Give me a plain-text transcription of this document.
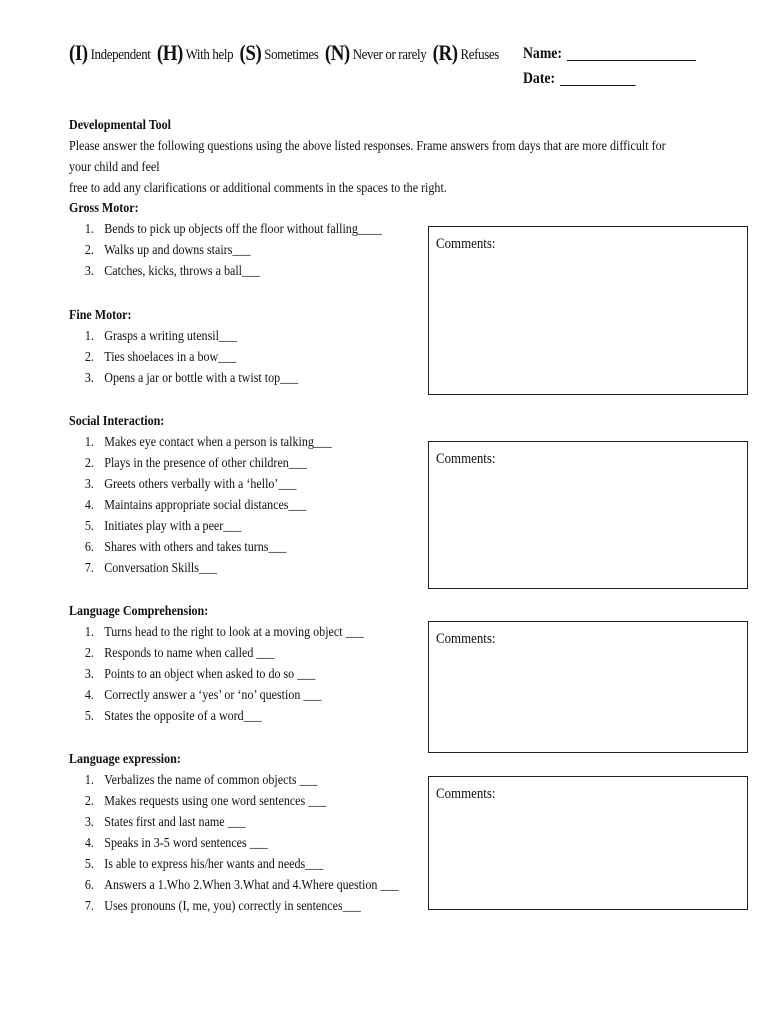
(I) Independent (H) With help (S) Sometimes (N) Never or rarely (R) Refuses Name:
Date:

Developmental Tool

Please answer the following questions using the above listed responses. Frame answers from days that are more difficult for your child and feel

free to add any clarifications or additional comments in the spaces to the right.

Gross Motor:
1. Bends to pick up objects off the floor without falling____
2. Walks up and downs stairs___
3. Catches, kicks, throws a ball___
Fine Motor:
1. Grasps a writing utensil___
2. Ties shoelaces in a bow___
3. Opens a jar or bottle with a twist top___
Social Interaction:
1. Makes eye contact when a person is talking___
2. Plays in the presence of other children___
3. Greets others verbally with a ‘hello’___
4. Maintains appropriate social distances___
5. Initiates play with a peer___
6. Shares with others and takes turns___
7. Conversation Skills___
Language Comprehension:
1. Turns head to the right to look at a moving object ___
2. Responds to name when called ___
3. Points to an object when asked to do so ___
4. Correctly answer a ‘yes’ or ‘no’ question ___
5. States the opposite of a word___
Language expression:
1. Verbalizes the name of common objects ___
2. Makes requests using one word sentences ___
3. States first and last name ___
4. Speaks in 3-5 word sentences ___
5. Is able to express his/her wants and needs___
6. Answers a 1.Who 2.When 3.What and 4.Where question ___
7. Uses pronouns (I, me, you) correctly in sentences___
Comments:
Comments:
Comments:
Comments:
